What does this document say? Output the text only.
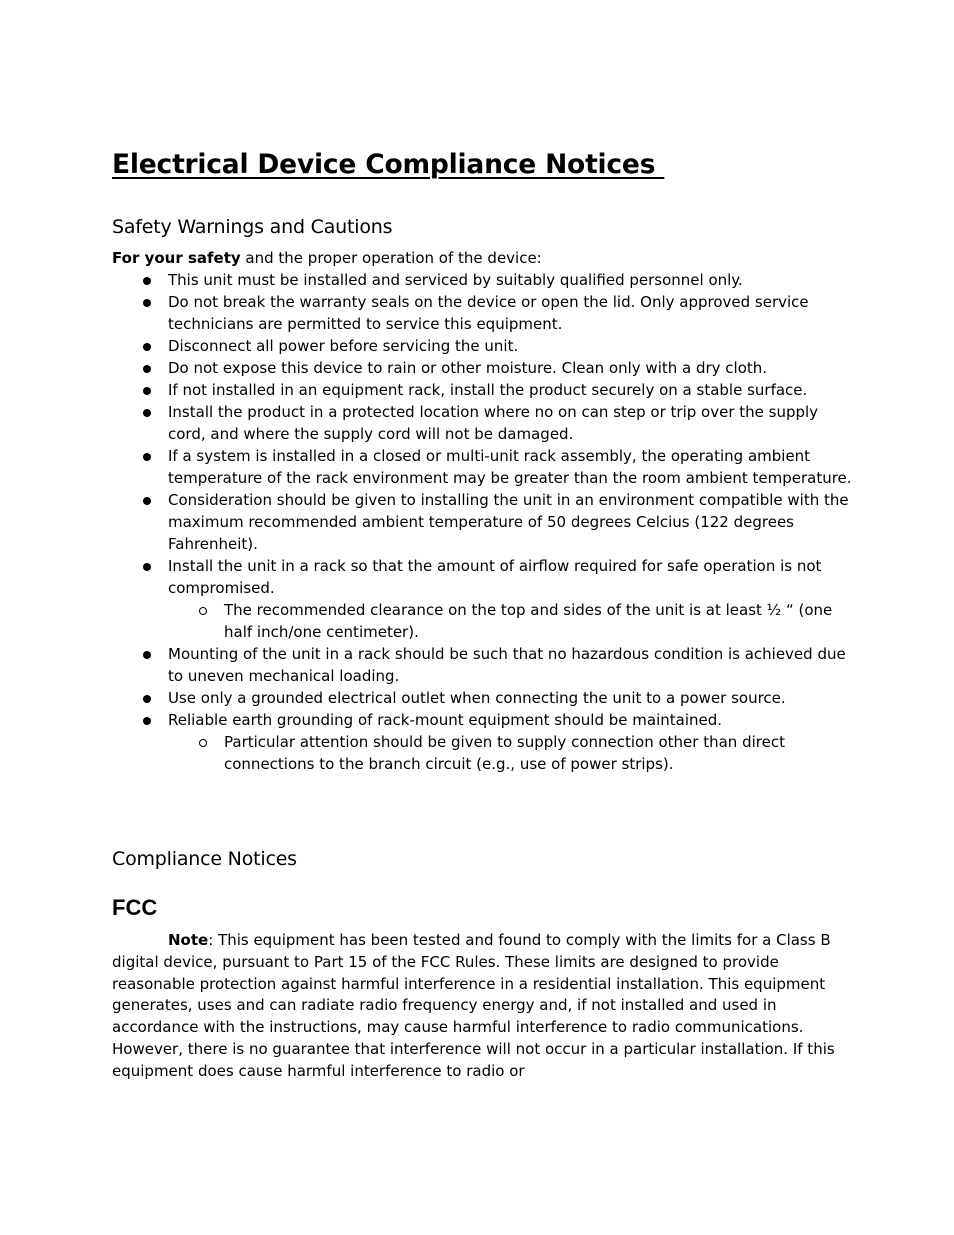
Electrical Device Compliance Notices
Safety Warnings and Cautions

For your safety and the proper operation of the device:

This unit must be installed and serviced by suitably qualified personnel only.
Do not break the warranty seals on the device or open the lid. Only approved service technicians are permitted to service this equipment.
Disconnect all power before servicing the unit.
Do not expose this device to rain or other moisture. Clean only with a dry cloth.
If not installed in an equipment rack, install the product securely on a stable surface.
Install the product in a protected location where no on can step or trip over the supply cord, and where the supply cord will not be damaged.
If a system is installed in a closed or multi-unit rack assembly, the operating ambient temperature of the rack environment may be greater than the room ambient temperature.
Consideration should be given to installing the unit in an environment compatible with the maximum recommended ambient temperature of 50 degrees Celcius (122 degrees Fahrenheit).
Install the unit in a rack so that the amount of airflow required for safe operation is not compromised.
The recommended clearance on the top and sides of the unit is at least ½ “ (one half inch/one centimeter).
Mounting of the unit in a rack should be such that no hazardous condition is achieved due to uneven mechanical loading.
Use only a grounded electrical outlet when connecting the unit to a power source.
Reliable earth grounding of rack-mount equipment should be maintained.
Particular attention should be given to supply connection other than direct connections to the branch circuit (e.g., use of power strips).
Compliance Notices
FCC

Note: This equipment has been tested and found to comply with the limits for a Class B digital device, pursuant to Part 15 of the FCC Rules. These limits are designed to provide reasonable protection against harmful interference in a residential installation. This equipment generates, uses and can radiate radio frequency energy and, if not installed and used in accordance with the instructions, may cause harmful interference to radio communications. However, there is no guarantee that interference will not occur in a particular installation. If this equipment does cause harmful interference to radio or
